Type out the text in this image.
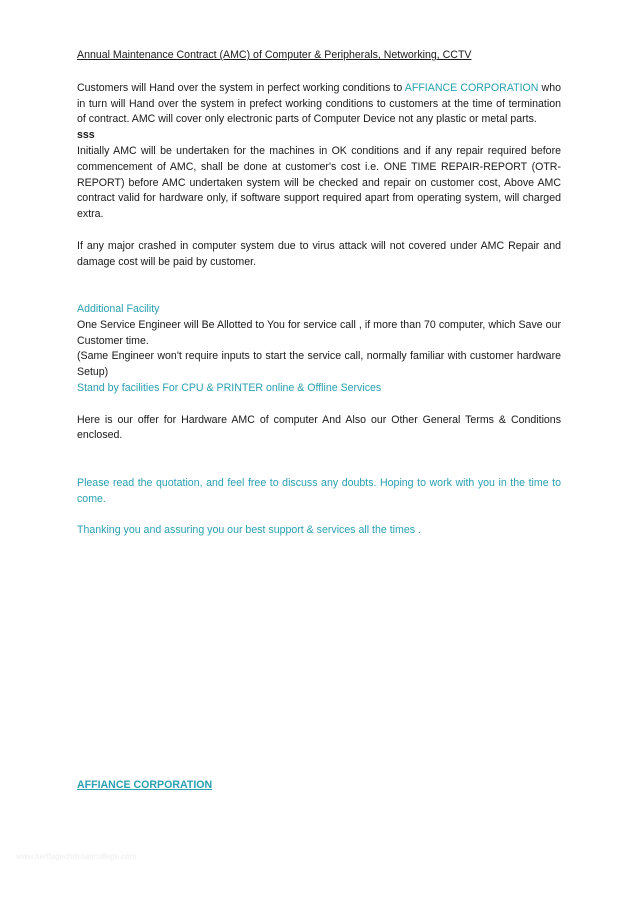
Annual Maintenance Contract (AMC) of Computer & Peripherals, Networking, CCTV

Customers will Hand over the system in perfect working conditions to AFFIANCE CORPORATION who in turn will Hand over the system in prefect working conditions to customers at the time of termination of contract. AMC will cover only electronic parts of Computer Device not any plastic or metal parts.

sss

Initially AMC will be undertaken for the machines in OK conditions and if any repair required before commencement of AMC, shall be done at customer's cost i.e. ONE TIME REPAIR-REPORT (OTR-REPORT) before AMC undertaken system will be checked and repair on customer cost, Above AMC contract valid for hardware only, if software support required apart from operating system, will charged extra.

If any major crashed in computer system due to virus attack will not covered under AMC Repair and damage cost will be paid by customer.

Additional Facility

One Service Engineer will Be Allotted to You for service call , if more than 70 computer, which Save our Customer time.

(Same Engineer won't require inputs to start the service call, normally familiar with customer hardware Setup)

Stand by facilities For CPU & PRINTER online & Offline Services

Here is our offer for Hardware AMC of computer And Also our Other General Terms & Conditions enclosed.

Please read the quotation, and feel free to discuss any doubts. Hoping to work with you in the time to come.

Thanking you and assuring you our best support & services all the times .

AFFIANCE CORPORATION
www.heritagechristiancollege.com
